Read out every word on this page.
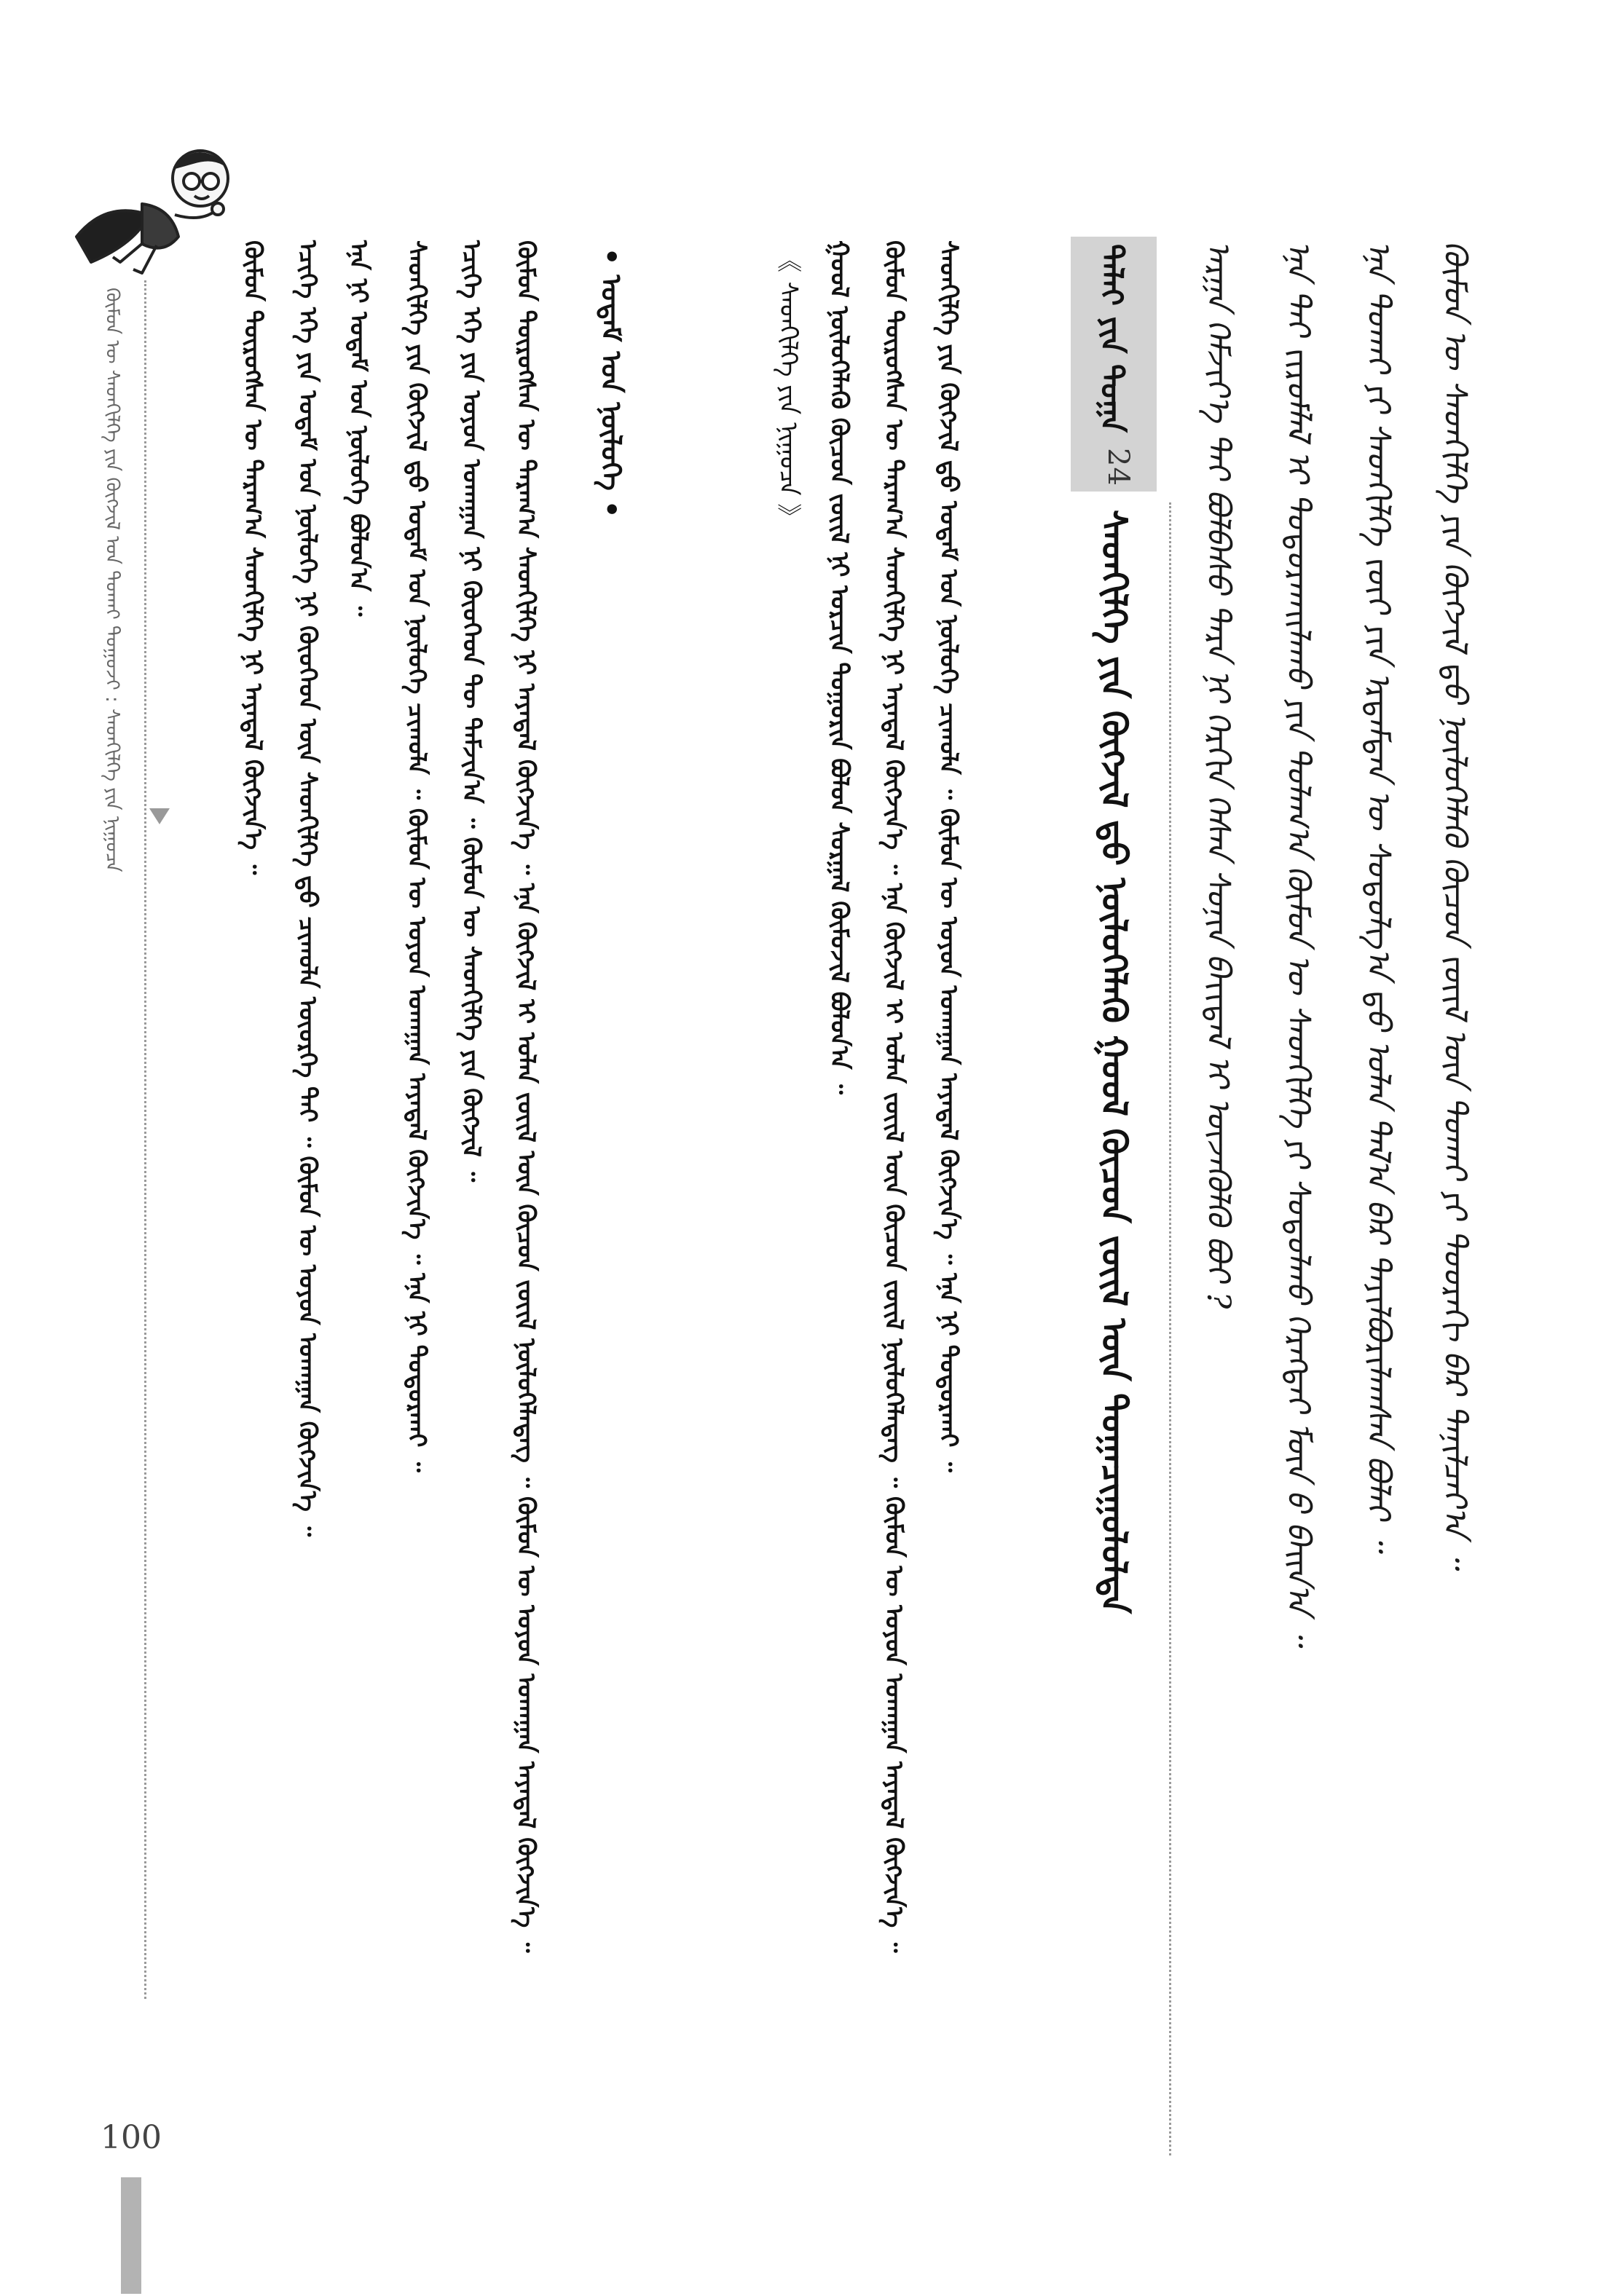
100
ᠬᠦᠮᠦᠨ ᠦ ᠰᠡᠳᠬᠢᠯᠭᠡ ᠶᠢᠨ ᠬᠥᠭᠵᠢᠯ ᠤᠨ ᠲᠤᠬᠠᠢ ᠲᠤᠭᠤᠵᠢ : ᠰᠡᠳᠬᠢᠯᠭᠡ ᠶᠢᠨ ᠨᠢᠭᠤᠴᠠ	ᠬᠦᠮᠦᠨ ᠲᠥᠷᠥᠭᠰᠡᠨ ᠦ ᠳᠠᠷᠠᠭ᠎ᠠ ᠰᠡᠳᠬᠢᠯᠭᠡ ᠨᠢ ᠠᠶᠠᠳᠠᠯ ᠬᠥᠭᠵᠢᠨ᠎ᠡ ᠃ ᠡᠴᠢᠭᠡ ᠡᠬᠡ ᠶᠢᠨ ᠤᠳᠠᠮ ᠤᠨ ᠨᠥᠯᠦᠭᠡ ᠨᠢ ᠬᠦᠦᠬᠡᠳ ᠦᠨ ᠰᠡᠳᠬᠢᠯᠭᠡ ᠳ᠋ᠤ ᠴᠢᠬᠤᠯᠠ ᠦᠦᠷᠭᠡ ᠲᠠᠢ ᠃ ᠬᠦᠮᠦᠨ ᠦ ᠣᠶᠤᠨ ᠤᠬᠠᠭᠠᠨ ᠬᠥᠭᠵᠢᠨ᠎ᠡ ᠃ ᠡᠨᠡ ᠨᠢ ᠤᠳᠠᠮ ᠤᠨ ᠨᠥᠯᠦᠭᠡ ᠪᠣᠯᠤᠨ᠎ᠠ ᠃ ᠰᠡᠳᠬᠢᠯᠭᠡ ᠶᠢᠨ ᠬᠥᠭᠵᠢᠯ ᠳ᠋ᠤ ᠤᠳᠠᠮ ᠤᠨ ᠨᠥᠯᠦᠭᠡ ᠴᠢᠬᠤᠯᠠ ᠃ ᠬᠦᠮᠦᠨ ᠦ ᠣᠶᠤᠨ ᠤᠬᠠᠭᠠᠨ ᠠᠶᠠᠳᠠᠯ ᠬᠥᠭᠵᠢᠨ᠎ᠡ ᠃ ᠡᠨᠡ ᠨᠢ ᠲᠣᠳᠤᠷᠬᠠᠢ ᠃ ᠡᠴᠢᠭᠡ ᠡᠬᠡ ᠶᠢᠨ ᠣᠶᠤᠨ ᠤᠬᠠᠭᠠᠨ ᠨᠢ ᠬᠦᠦᠬᠡᠳ ᠲᠦ ᠳᠠᠮᠵᠢᠨ᠎ᠠ ᠃ ᠬᠦᠮᠦᠨ ᠦ ᠰᠡᠳᠬᠢᠯᠭᠡ ᠶᠢᠨ ᠬᠥᠭᠵᠢᠯ ᠃ ᠬᠦᠮᠦᠨ ᠲᠥᠷᠥᠭᠰᠡᠨ ᠦ ᠳᠠᠷᠠᠭ᠎ᠠ ᠰᠡᠳᠬᠢᠯᠭᠡ ᠨᠢ ᠠᠶᠠᠳᠠᠯ ᠬᠥᠭᠵᠢᠨ᠎ᠡ ᠃ ᠡᠨᠡ ᠬᠥᠭᠵᠢᠯ ᠢ ᠣᠯᠠᠨ ᠵᠦᠢᠯ ᠦᠨ ᠬᠦᠴᠦᠨ ᠵᠦᠢᠯ ᠨᠥᠯᠦᠭᠡᠯᠡᠳᠡᠭ ᠃ ᠬᠦᠮᠦᠨ ᠦ ᠣᠶᠤᠨ ᠤᠬᠠᠭᠠᠨ ᠠᠶᠠᠳᠠᠯ ᠬᠥᠭᠵᠢᠨ᠎ᠡ ᠃ • ᠤᠳᠠᠮ ᠤᠨ ᠨᠥᠯᠦᠭᠡ •	《 ᠰᠡᠳᠬᠢᠯᠭᠡ ᠶᠢᠨ ᠨᠢᠭᠤᠴᠠ 》 ᠭᠣᠣᠯ ᠨᠥᠯᠦᠭᠡᠯᠡᠬᠦ ᠬᠦᠴᠦᠨ ᠵᠦᠢᠯ ᠨᠢ ᠣᠷᠴᠢᠨ ᠲᠣᠭᠣᠷᠢᠨ ᠪᠣᠯᠣᠨ ᠰᠤᠷᠭᠠᠯ ᠬᠦᠮᠦᠵᠢᠯ ᠪᠣᠯᠣᠨ᠎ᠠ ᠃ ᠬᠦᠮᠦᠨ ᠲᠥᠷᠥᠭᠰᠡᠨ ᠦ ᠳᠠᠷᠠᠭ᠎ᠠ ᠰᠡᠳᠬᠢᠯᠭᠡ ᠨᠢ ᠠᠶᠠᠳᠠᠯ ᠬᠥᠭᠵᠢᠨ᠎ᠡ ᠃ ᠡᠨᠡ ᠬᠥᠭᠵᠢᠯ ᠢ ᠣᠯᠠᠨ ᠵᠦᠢᠯ ᠦᠨ ᠬᠦᠴᠦᠨ ᠵᠦᠢᠯ ᠨᠥᠯᠦᠭᠡᠯᠡᠳᠡᠭ ᠃ ᠬᠦᠮᠦᠨ ᠦ ᠣᠶᠤᠨ ᠤᠬᠠᠭᠠᠨ ᠠᠶᠠᠳᠠᠯ ᠬᠥᠭᠵᠢᠨ᠎ᠡ ᠃ ᠰᠡᠳᠬᠢᠯᠭᠡ ᠶᠢᠨ ᠬᠥᠭᠵᠢᠯ ᠳ᠋ᠤ ᠤᠳᠠᠮ ᠤᠨ ᠨᠥᠯᠦᠭᠡ ᠴᠢᠬᠤᠯᠠ ᠃ ᠬᠦᠮᠦᠨ ᠦ ᠣᠶᠤᠨ ᠤᠬᠠᠭᠠᠨ ᠠᠶᠠᠳᠠᠯ ᠬᠥᠭᠵᠢᠨ᠎ᠡ ᠃ ᠡᠨᠡ ᠨᠢ ᠲᠣᠳᠤᠷᠬᠠᠢ ᠃	ᠲᠠᠯᠠᠢ ᠶᠢᠨ ᠲᠣᠭᠠ
24
ᠰᠡᠳᠬᠢᠯᠭᠡ ᠶᠢᠨ ᠬᠥᠭᠵᠢᠯ ᠳ᠋ᠤ ᠨᠥᠯᠦᠭᠡᠯᠡᠬᠦ ᠭᠣᠣᠯ ᠬᠦᠴᠦᠨ ᠵᠦᠢᠯ ᠦᠨ ᠲᠣᠭᠠᠴᠢᠭᠤᠯᠤᠯᠲᠠ ᠠᠷᠭᠠ ᠬᠡᠮᠵᠢᠶ᠎ᠡ ᠲᠠᠢ ᠪᠣᠯᠪᠠᠰᠤ ᠲᠡᠷᠡ ᠨᠢ ᠬᠡᠷᠬᠢᠨ ᠭᠡᠰᠡᠨ ᠰᠣᠨᠢᠨ ᠪᠠᠶ᠋ᠢᠳᠠᠯ ᠢ ᠦᠵᠡᠭᠦᠯᠬᠦ ᠪᠤᠢ ? ᠡᠨᠡ ᠲᠠᠢ ᠵᠢᠷᠤᠮᠯᠠᠯ ᠢ ᠲᠣᠳᠤᠷᠬᠠᠢᠯᠠᠬᠤ ᠶᠢᠨ ᠲᠤᠯᠠᠭ᠎ᠠ ᠬᠦᠮᠦᠨ ᠦ ᠰᠡᠳᠬᠢᠯᠭᠡ ᠶᠢ ᠰᠤᠳᠤᠯᠬᠤ ᠬᠡᠷᠡᠭᠲᠡᠢ ᠮᠥᠨ ᠤ᠋ ᠪᠠᠢᠨ᠎ᠠ ᠃ ᠡᠨᠡ ᠲᠤᠬᠠᠢ ᠶᠢ ᠰᠡᠳᠬᠢᠯᠭᠡ ᠵᠦᠢ ᠶᠢᠨ ᠡᠷᠳᠡᠮᠲᠡᠨ ᠦ ᠰᠤᠳᠤᠯᠭ᠎ᠠ ᠳ᠋ᠤ ᠣᠯᠠᠨ ᠲᠠᠯ᠎ᠠ ᠪᠠᠷ ᠲᠠᠶᠢᠯᠪᠤᠷᠢᠯᠠᠭᠰᠠᠨ ᠪᠣᠯᠠᠢ ᠃ ᠬᠦᠮᠦᠨ ᠦ ᠰᠡᠳᠬᠢᠯᠭᠡ ᠶᠢᠨ ᠬᠥᠭᠵᠢᠯ ᠳ᠋ᠤ ᠨᠥᠯᠦᠭᠡᠯᠡᠬᠦ ᠬᠦᠴᠦᠨ ᠵᠦᠢᠯ ᠦᠨ ᠲᠤᠬᠠᠢ ᠶᠢ ᠳᠣᠣᠷᠠᠬᠢ ᠪᠠᠷ ᠲᠠᠨᠢᠯᠴᠠᠶ᠎ᠠ ᠃
